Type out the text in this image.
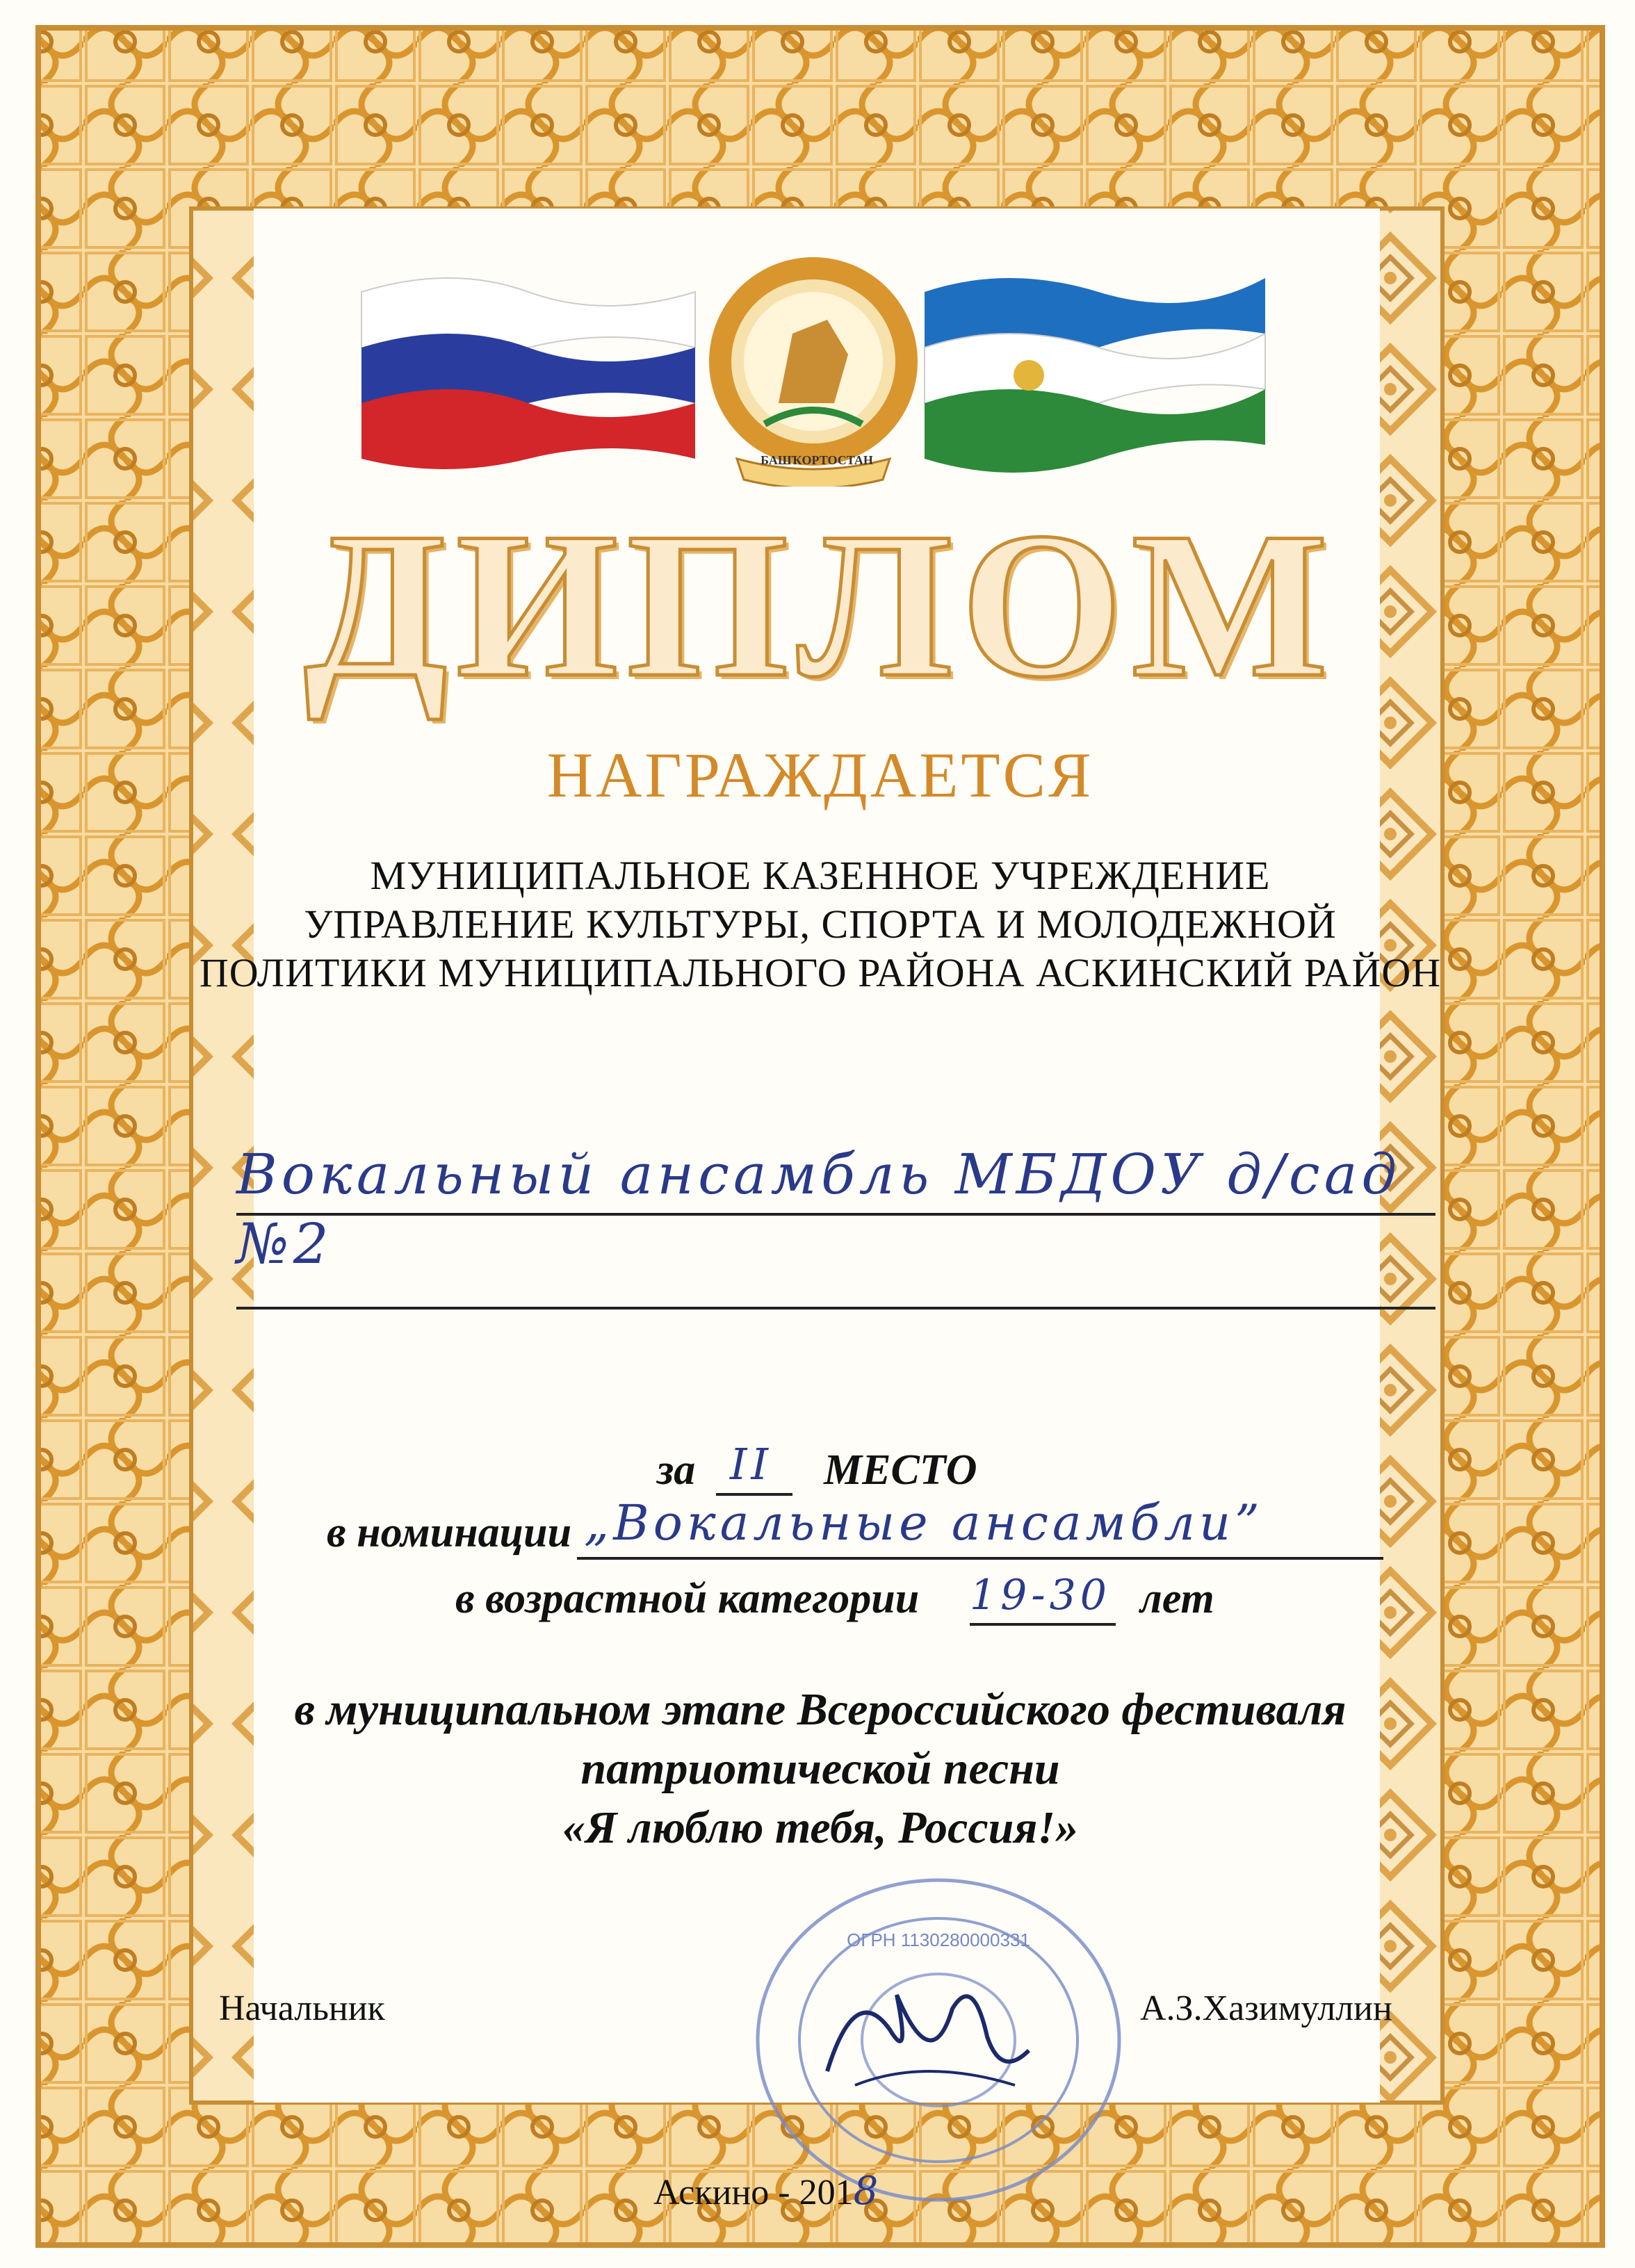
БАШҠОРТОСТАН
ДИПЛОМ
НАГРАЖДАЕТСЯ
МУНИЦИПАЛЬНОЕ КАЗЕННОЕ УЧРЕЖДЕНИЕ
УПРАВЛЕНИЕ КУЛЬТУРЫ, СПОРТА И МОЛОДЕЖНОЙ
ПОЛИТИКИ МУНИЦИПАЛЬНОГО РАЙОНА АСКИНСКИЙ РАЙОН
Вокальный ансамбль МБДОУ д/сад №2
за II МЕСТО
в номинации „Вокальные ансамбли”
в возрастной категории 19-30 лет
в муниципальном этапе Всероссийского фестиваля
патриотической песни
«Я люблю тебя, Россия!»
ОГРН 1130280000331
Начальник	А.З.Хазимуллин
Аскино - 2018
